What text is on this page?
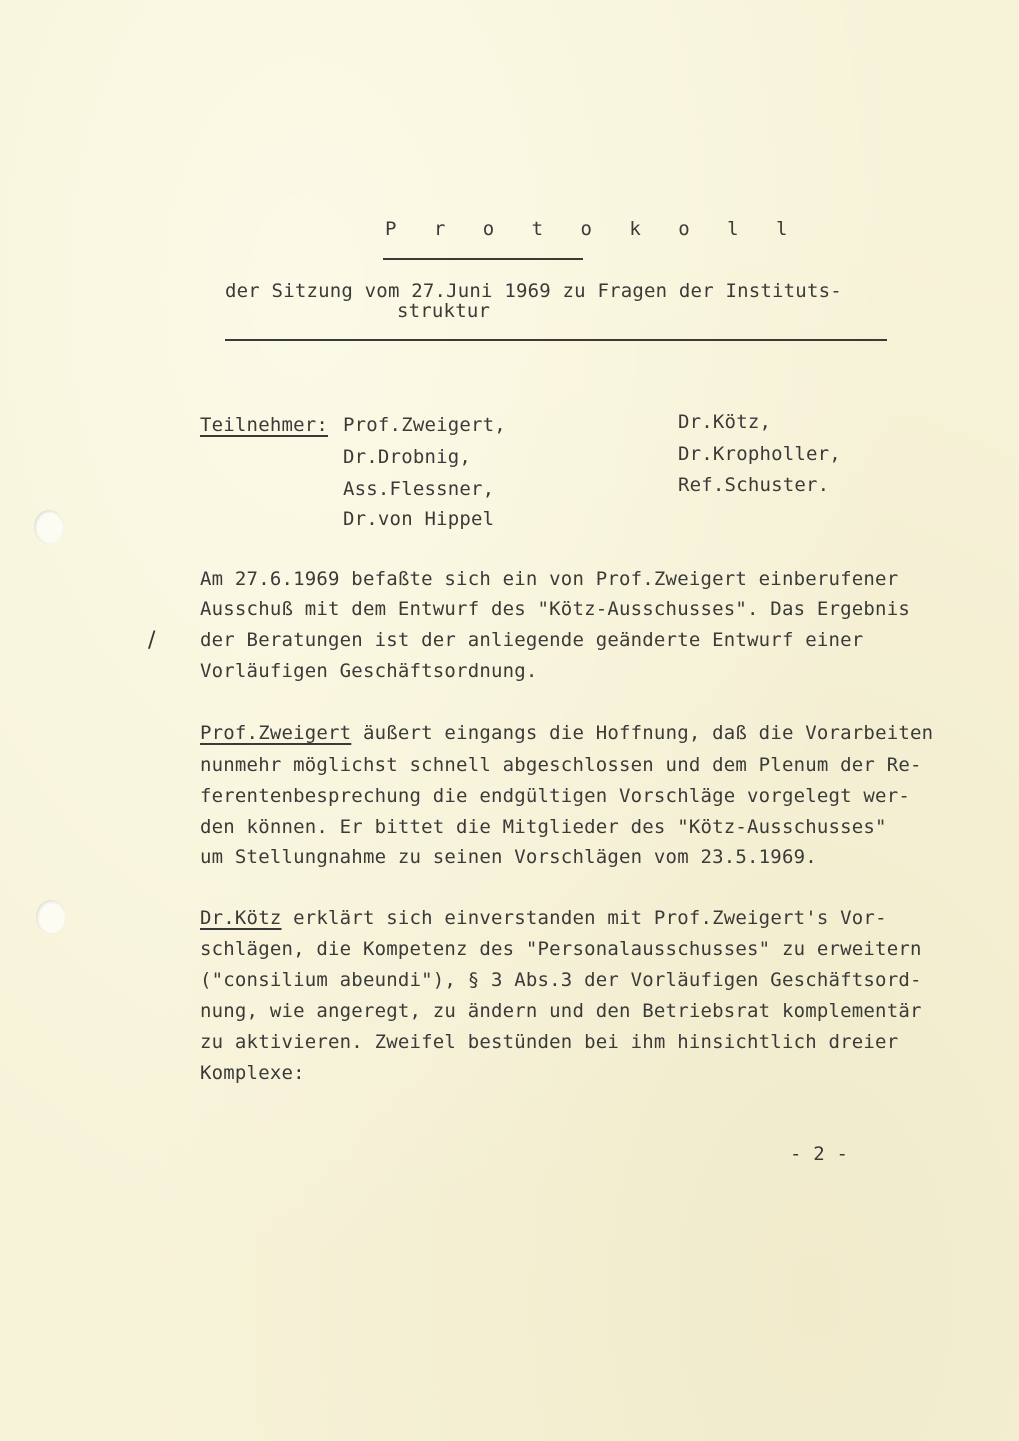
P r o t o k o l l
der Sitzung vom 27.Juni 1969 zu Fragen der Instituts-
struktur
Teilnehmer: Prof.Zweigert,
Dr.Drobnig,
Ass.Flessner,
Dr.von Hippel
Dr.Kötz,
Dr.Kropholler,
Ref.Schuster.
/
Am 27.6.1969 befaßte sich ein von Prof.Zweigert einberufener
Ausschuß mit dem Entwurf des "Kötz-Ausschusses". Das Ergebnis
der Beratungen ist der anliegende geänderte Entwurf einer
Vorläufigen Geschäftsordnung.
Prof.Zweigert äußert eingangs die Hoffnung, daß die Vorarbeiten
nunmehr möglichst schnell abgeschlossen und dem Plenum der Re-
ferentenbesprechung die endgültigen Vorschläge vorgelegt wer-
den können. Er bittet die Mitglieder des "Kötz-Ausschusses"
um Stellungnahme zu seinen Vorschlägen vom 23.5.1969.
Dr.Kötz erklärt sich einverstanden mit Prof.Zweigert's Vor-
schlägen, die Kompetenz des "Personalausschusses" zu erweitern
("consilium abeundi"), § 3 Abs.3 der Vorläufigen Geschäftsord-
nung, wie angeregt, zu ändern und den Betriebsrat komplementär
zu aktivieren. Zweifel bestünden bei ihm hinsichtlich dreier
Komplexe:
- 2 -
